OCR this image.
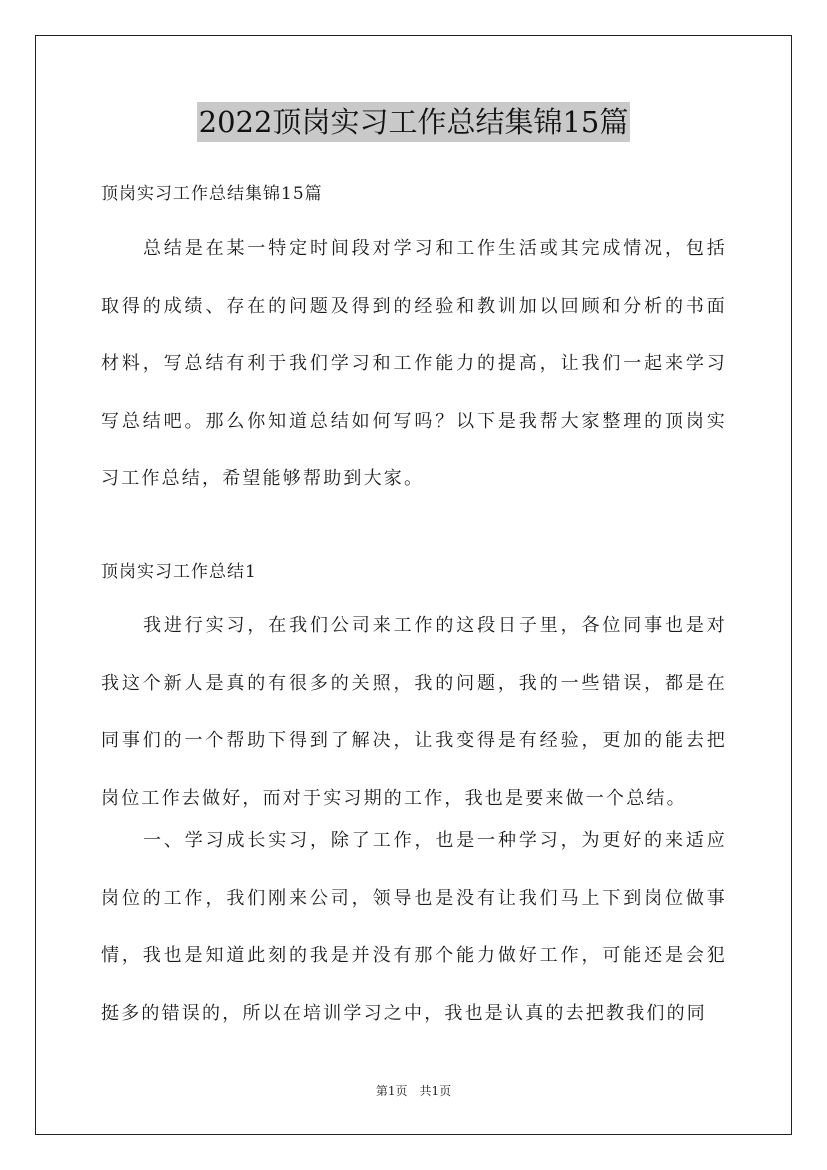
2022顶岗实习工作总结集锦15篇
顶岗实习工作总结集锦15篇

总结是在某一特定时间段对学习和工作生活或其完成情况，包括取得的成绩、存在的问题及得到的经验和教训加以回顾和分析的书面材料，写总结有利于我们学习和工作能力的提高，让我们一起来学习写总结吧。那么你知道总结如何写吗？以下是我帮大家整理的顶岗实习工作总结，希望能够帮助到大家。

顶岗实习工作总结1

我进行实习，在我们公司来工作的这段日子里，各位同事也是对我这个新人是真的有很多的关照，我的问题，我的一些错误，都是在同事们的一个帮助下得到了解决，让我变得是有经验，更加的能去把岗位工作去做好，而对于实习期的工作，我也是要来做一个总结。

一、学习成长实习，除了工作，也是一种学习，为更好的来适应岗位的工作，我们刚来公司，领导也是没有让我们马上下到岗位做事情，我也是知道此刻的我是并没有那个能力做好工作，可能还是会犯挺多的错误的，所以在培训学习之中，我也是认真的去把教我们的同

第1页　共1页
